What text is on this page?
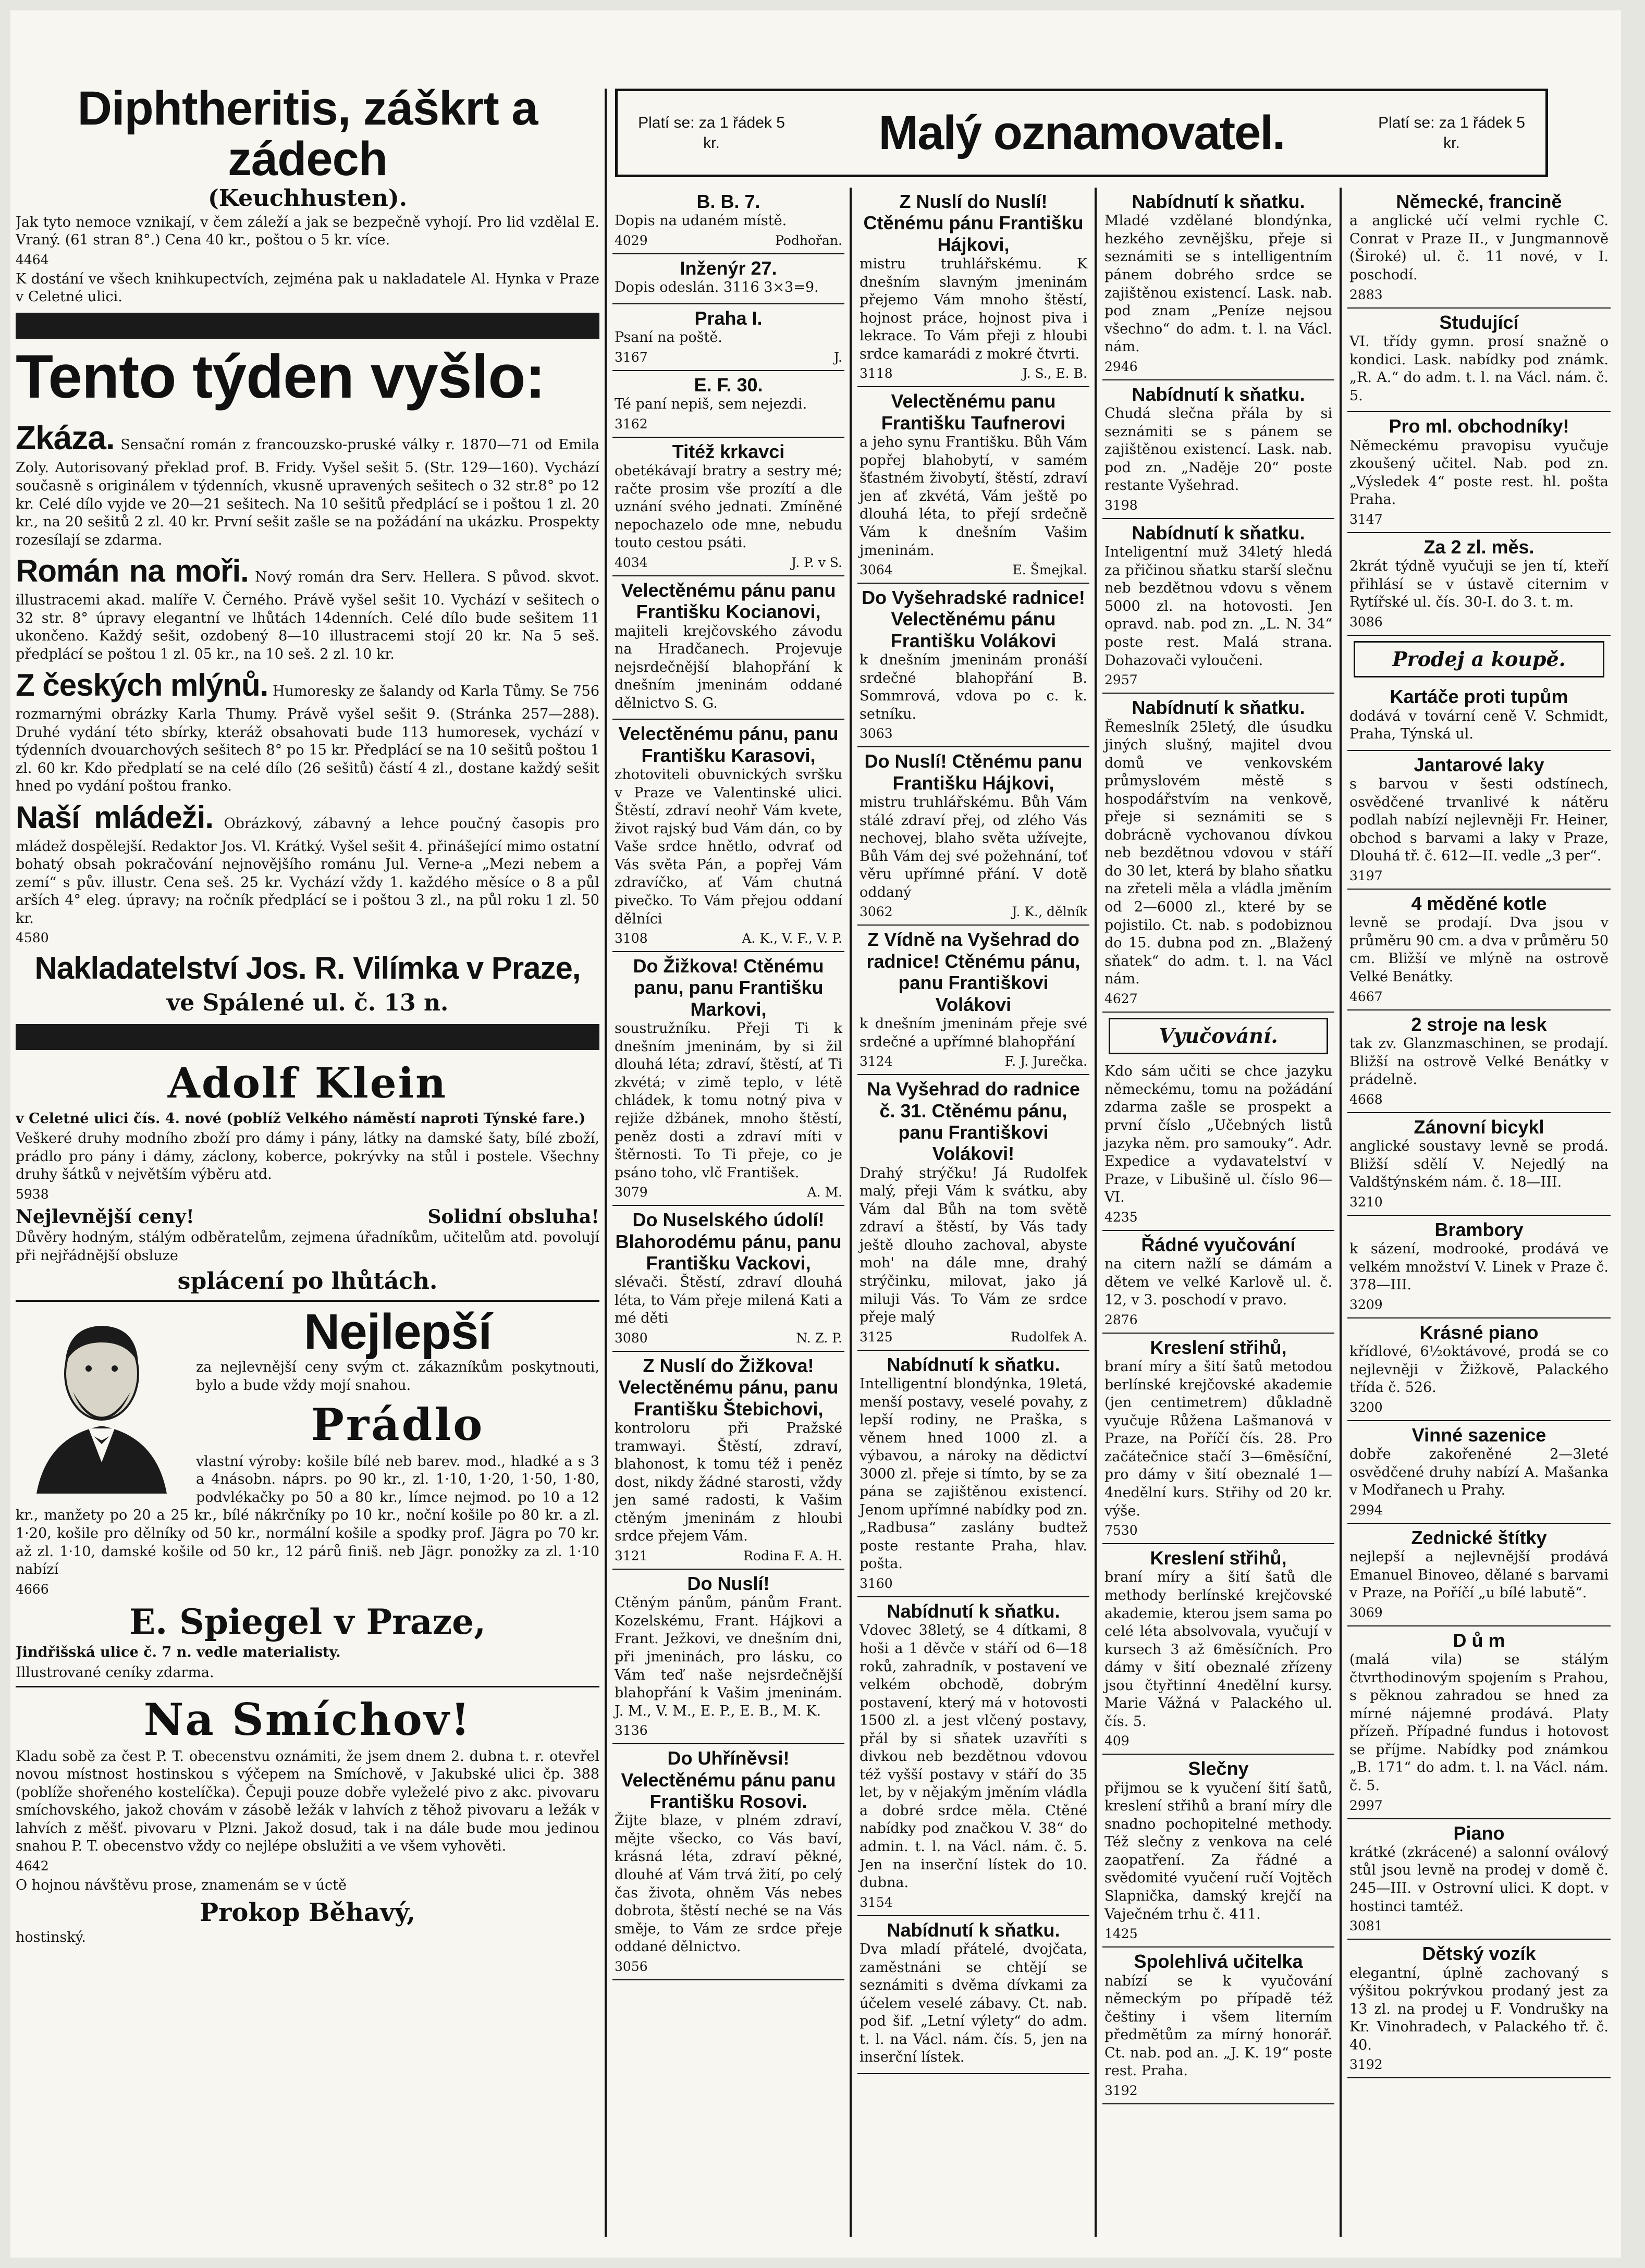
Diphtheritis, záškrt a zádech
(Keuchhusten).

Jak tyto nemoce vznikají, v čem záleží a jak se bezpečně vyhojí. Pro lid vzdělal E. Vraný. (61 stran 8°.) Cena 40 kr., poštou o 5 kr. více.

4464

K dostání ve všech knihkupectvích, zejména pak u nakladatele Al. Hynka v Praze v Celetné ulici.

Tento týden vyšlo:

Zkáza. Sensační román z francouzsko-pruské války r. 1870—71 od Emila Zoly. Autorisovaný překlad prof. B. Fridy. Vyšel sešit 5. (Str. 129—160). Vychází současně s originálem v týdenních, vkusně upravených sešitech o 32 str.8° po 12 kr. Celé dílo vyjde ve 20—21 sešitech. Na 10 sešitů předplácí se i poštou 1 zl. 20 kr., na 20 sešitů 2 zl. 40 kr. První sešit zašle se na požádání na ukázku. Prospekty rozesílají se zdarma.

Román na moři. Nový román dra Serv. Hellera. S původ. skvot. illustracemi akad. malíře V. Černého. Právě vyšel sešit 10. Vychází v sešitech o 32 str. 8° úpravy elegantní ve lhůtách 14denních. Celé dílo bude sešitem 11 ukončeno. Každý sešit, ozdobený 8—10 illustracemi stojí 20 kr. Na 5 seš. předplácí se poštou 1 zl. 05 kr., na 10 seš. 2 zl. 10 kr.

Z českých mlýnů. Humoresky ze šalandy od Karla Tůmy. Se 756 rozmarnými obrázky Karla Thumy. Právě vyšel sešit 9. (Stránka 257—288). Druhé vydání této sbírky, kteráž obsahovati bude 113 humoresek, vychází v týdenních dvouarchových sešitech 8° po 15 kr. Předplácí se na 10 sešitů poštou 1 zl. 60 kr. Kdo předplatí se na celé dílo (26 sešitů) částí 4 zl., dostane každý sešit hned po vydání poštou franko.

Naší mládeži. Obrázkový, zábavný a lehce poučný časopis pro mládež dospělejší. Redaktor Jos. Vl. Krátký. Vyšel sešit 4. přinášející mimo ostatní bohatý obsah pokračování nejnovějšího románu Jul. Verne-a „Mezi nebem a zemí“ s pův. illustr. Cena seš. 25 kr. Vychází vždy 1. každého měsíce o 8 a půl arších 4° eleg. úpravy; na ročník předplácí se i poštou 3 zl., na půl roku 1 zl. 50 kr.

4580

Nakladatelství Jos. R. Vilímka v Praze,
ve Spálené ul. č. 13 n.
Adolf Klein

v Celetné ulici čís. 4. nové (poblíž Velkého náměstí naproti Týnské fare.)

Veškeré druhy modního zboží pro dámy i pány, látky na damské šaty, bílé zboží, prádlo pro pány i dámy, záclony, koberce, pokrývky na stůl i postele. Všechny druhy šátků v největším výběru atd.

5938

Nejlevnější ceny!	Solidní obsluha!

Důvěry hodným, stálým odběratelům, zejmena úřadníkům, učitelům atd. povolují při nejřádnější obsluze

splácení po lhůtách.
Nejlepší

za nejlevnější ceny svým ct. zákazníkům poskytnouti, bylo a bude vždy mojí snahou.

Prádlo

vlastní výroby: košile bílé neb barev. mod., hladké a s 3 a 4násobn. náprs. po 90 kr., zl. 1·10, 1·20, 1·50, 1·80, podvlékačky po 50 a 80 kr., límce nejmod. po 10 a 12 kr., manžety po 20 a 25 kr., bílé nákrčníky po 10 kr., noční košile po 80 kr. a zl. 1·20, košile pro dělníky od 50 kr., normální košile a spodky prof. Jägra po 70 kr. až zl. 1·10, damské košile od 50 kr., 12 párů finiš. neb Jägr. ponožky za zl. 1·10 nabízí

4666

E. Spiegel v Praze,

Jindřišská ulice č. 7 n. vedle materialisty.

Illustrované ceníky zdarma.

Na Smíchov!

Kladu sobě za čest P. T. obecenstvu oznámiti, že jsem dnem 2. dubna t. r. otevřel novou místnost hostinskou s výčepem na Smíchově, v Jakubské ulici čp. 388 (poblíže shořeného kostelíčka). Čepuji pouze dobře vyleželé pivo z akc. pivovaru smíchovského, jakož chovám v zásobě ležák v lahvích z těhož pivovaru a ležák v lahvích z měšť. pivovaru v Plzni. Jakož dosud, tak i na dále bude mou jedinou snahou P. T. obecenstvo vždy co nejlépe obslužiti a ve všem vyhověti.

4642

O hojnou návštěvu prose, znamenám se v úctě

Prokop Běhavý,

hostinský.

Platí se: za 1 řádek 5 kr.	Malý oznamovatel.	Platí se: za 1 řádek 5 kr.
B. B. 7.

Dopis na udaném místě.

4029	Podhořan.
Inženýr 27.

Dopis odeslán. 3116 3×3=9.

Praha I.

Psaní na poště.

3167	J.
E. F. 30.

Té paní nepiš, sem nejezdi.

3162
Titéž krkavci

obetékávají bratry a sestry mé; račte prosim vše prozítí a dle uznání svého jednati. Zmíněné nepochazelo ode mne, nebudu touto cestou psáti.

4034	J. P. v S.
Velectěnému pánu panu Františku Kocianovi,

majiteli krejčovského závodu na Hradčanech. Projevuje nejsrdečnější blahopřání k dnešním jmeninám oddané dělnictvo S. G.

Velectěnému pánu, panu Františku Karasovi,

zhotoviteli obuvnických svršku v Praze ve Valentinské ulici. Štěstí, zdraví neohř Vám kvete, život rajský bud Vám dán, co by Vaše srdce hnětlo, odvrať od Vás světa Pán, a popřej Vám zdravíčko, ať Vám chutná pivečko. To Vám přejou oddaní dělníci

3108	A. K., V. F., V. P.
Do Žižkova! Ctěnému panu, panu Františku Markovi,

soustružníku. Přeji Ti k dnešním jmeninám, by si žil dlouhá léta; zdraví, štěstí, ať Ti zkvétá; v zimě teplo, v létě chládek, k tomu notný piva v rejiže džbánek, mnoho štěstí, peněz dosti a zdraví míti v štěrnosti. To Ti přeje, co je psáno toho, vlč František.

3079	A. M.
Do Nuselského údolí! Blahorodému pánu, panu Františku Vackovi,

slévači. Štěstí, zdraví dlouhá léta, to Vám přeje milená Kati a mé děti

3080	N. Z. P.
Z Nuslí do Žižkova! Velectěnému pánu, panu Františku Štebichovi,

kontroloru při Pražské tramwayi. Štěstí, zdraví, blahonost, k tomu též i peněz dost, nikdy žádné starosti, vždy jen samé radosti, k Vašim ctěným jmeninám z hloubi srdce přejem Vám.

3121	Rodina F. A. H.
Do Nuslí!

Ctěným pánům, pánům Frant. Kozelskému, Frant. Hájkovi a Frant. Ježkovi, ve dnešním dni, při jmeninách, pro lásku, co Vám teď naše nejsrdečnější blahopřání k Vašim jmeninám. J. M., V. M., E. P., E. B., M. K.

3136
Do Uhříněvsi! Velectěnému pánu panu Františku Rosovi.

Žijte blaze, v plném zdraví, mějte všecko, co Vás baví, krásná léta, zdraví pěkné, dlouhé ať Vám trvá žití, po celý čas života, ohněm Vás nebes dobrota, štěstí neché se na Vás směje, to Vám ze srdce přeje oddané dělnictvo.

3056
Z Nuslí do Nuslí! Ctěnému pánu Františku Hájkovi,

mistru truhlářskému. K dnešním slavným jmeninám přejemo Vám mnoho štěstí, hojnost práce, hojnost piva i lekrace. To Vám přeji z hloubi srdce kamarádi z mokré čtvrti.

3118	J. S., E. B.
Velectěnému panu Františku Taufnerovi

a jeho synu Františku. Bůh Vám popřej blahobytí, v samém šťastném živobytí, štěstí, zdraví jen ať zkvétá, Vám ještě po dlouhá léta, to přejí srdečně Vám k dnešním Vašim jmeninám.

3064	E. Šmejkal.
Do Vyšehradské radnice! Velectěnému pánu Františku Volákovi

k dnešním jmeninám pronáší srdečné blahopřání B. Sommrová, vdova po c. k. setníku.

3063
Do Nuslí! Ctěnému panu Františku Hájkovi,

mistru truhlářskému. Bůh Vám stálé zdraví přej, od zlého Vás nechovej, blaho světa užívejte, Bůh Vám dej své požehnání, toť věru upřímné přání. V dotě oddaný

3062	J. K., dělník
Z Vídně na Vyšehrad do radnice! Ctěnému pánu, panu Františkovi Volákovi

k dnešním jmeninám přeje své srdečné a upřímné blahopřání

3124	F. J. Jurečka.
Na Vyšehrad do radnice č. 31. Ctěnému pánu, panu Františkovi Volákovi!

Drahý strýčku! Já Rudolfek malý, přeji Vám k svátku, aby Vám dal Bůh na tom světě zdraví a štěstí, by Vás tady ještě dlouho zachoval, abyste moh' na dále mne, drahý strýčinku, milovat, jako já miluji Vás. To Vám ze srdce přeje malý

3125	Rudolfek A.
Nabídnutí k sňatku.

Intelligentní blondýnka, 19letá, menší postavy, veselé povahy, z lepší rodiny, ne Praška, s věnem hned 1000 zl. a výbavou, a nároky na dědictví 3000 zl. přeje si tímto, by se za pána se zajištěnou existencí. Jenom upřímné nabídky pod zn. „Radbusa“ zaslány budtež poste restante Praha, hlav. pošta.

3160
Nabídnutí k sňatku.

Vdovec 38letý, se 4 dítkami, 8 hoši a 1 děvče v stáří od 6—18 roků, zahradník, v postavení ve velkém obchodě, dobrým postavení, který má v hotovosti 1500 zl. a jest vlčený postavy, přál by si sňatek uzavříti s divkou neb bezdětnou vdovou též vyšší postavy v stáří do 35 let, by v nějakým jměním vládla a dobré srdce měla. Ctěné nabídky pod značkou V. 38“ do admin. t. l. na Václ. nám. č. 5. Jen na inserční lístek do 10. dubna.

3154
Nabídnutí k sňatku.

Dva mladí přátelé, dvojčata, zaměstnáni se chtějí se seznámiti s dvěma dívkami za účelem veselé zábavy. Ct. nab. pod šif. „Letní výlety“ do adm. t. l. na Václ. nám. čís. 5, jen na inserční lístek.

Nabídnutí k sňatku.

Mladé vzdělané blondýnka, hezkého zevnějšku, přeje si seznámiti se s intelligentním pánem dobrého srdce se zajištěnou existencí. Lask. nab. pod znam „Peníze nejsou všechno“ do adm. t. l. na Václ. nám.

2946
Nabídnutí k sňatku.

Chudá slečna přála by si seznámiti se s pánem se zajištěnou existencí. Lask. nab. pod zn. „Naděje 20“ poste restante Vyšehrad.

3198
Nabídnutí k sňatku.

Inteligentní muž 34letý hledá za přičinou sňatku starší slečnu neb bezdětnou vdovu s věnem 5000 zl. na hotovosti. Jen opravd. nab. pod zn. „L. N. 34“ poste rest. Malá strana. Dohazovači vyloučeni.

2957
Nabídnutí k sňatku.

Řemeslník 25letý, dle úsudku jiných slušný, majitel dvou domů ve venkovském průmyslovém městě s hospodářstvím na venkově, přeje si seznámiti se s dobrácně vychovanou dívkou neb bezdětnou vdovou v stáří do 30 let, která by blaho sňatku na zřeteli měla a vládla jměním od 2—6000 zl., které by se pojistilo. Ct. nab. s podobiznou do 15. dubna pod zn. „Blažený sňatek“ do adm. t. l. na Václ nám.

4627
Vyučování.

Kdo sám učiti se chce jazyku německému, tomu na požádání zdarma zašle se prospekt a první číslo „Učebných listů jazyka něm. pro samouky“. Adr. Expedice a vydavatelství v Praze, v Libušině ul. číslo 96—VI.

4235
Řádné vyučování

na citern nažlí se dámám a dětem ve velké Karlově ul. č. 12, v 3. poschodí v pravo.

2876
Kreslení střihů,

braní míry a šití šatů metodou berlínské krejčovské akademie (jen centimetrem) důkladně vyučuje Růžena Lašmanová v Praze, na Poříčí čís. 28. Pro začátečnice stačí 3—6měsíční, pro dámy v šití obeznalé 1—4nedělní kurs. Střihy od 20 kr. výše.

7530
Kreslení střihů,

braní míry a šití šatů dle methody berlínské krejčovské akademie, kterou jsem sama po celé léta absolvovala, vyučují v kursech 3 až 6měsíčních. Pro dámy v šití obeznalé zřízeny jsou čtyřtinní 4nedělní kursy. Marie Vážná v Palackého ul. čís. 5.

409
Slečny

přijmou se k vyučení šití šatů, kreslení střihů a braní míry dle snadno pochopitelné methody. Též slečny z venkova na celé zaopatření. Za řádné a svědomité vyučení ručí Vojtěch Slapnička, damský krejčí na Vaječném trhu č. 411.

1425
Spolehlivá učitelka

nabízí se k vyučování německým po případě též češtiny i všem literním předmětům za mírný honorář. Ct. nab. pod an. „J. K. 19“ poste rest. Praha.

3192
Německé, francině

a anglické učí velmi rychle C. Conrat v Praze II., v Jungmannově (Široké) ul. č. 11 nové, v I. poschodí.

2883
Studující

VI. třídy gymn. prosí snažně o kondici. Lask. nabídky pod známk. „R. A.“ do adm. t. l. na Václ. nám. č. 5.

Pro ml. obchodníky!

Německému pravopisu vyučuje zkoušený učitel. Nab. pod zn. „Výsledek 4“ poste rest. hl. pošta Praha.

3147
Za 2 zl. měs.

2krát týdně vyučuji se jen tí, kteří přihlásí se v ústavě citernim v Rytířské ul. čís. 30-I. do 3. t. m.

3086
Prodej a koupě.
Kartáče proti tupům

dodává v tovární ceně V. Schmidt, Praha, Týnská ul.

Jantarové laky

s barvou v šesti odstínech, osvědčené trvanlivé k nátěru podlah nabízí nejlevněji Fr. Heiner, obchod s barvami a laky v Praze, Dlouhá tř. č. 612—II. vedle „3 per“.

3197
4 měděné kotle

levně se prodají. Dva jsou v průměru 90 cm. a dva v průměru 50 cm. Bližší ve mlýně na ostrově Velké Benátky.

4667
2 stroje na lesk

tak zv. Glanzmaschinen, se prodají. Bližší na ostrově Velké Benátky v prádelně.

4668
Zánovní bicykl

anglické soustavy levně se prodá. Bližší sdělí V. Nejedlý na Valdštýnském nám. č. 18—III.

3210
Brambory

k sázení, modrooké, prodává ve velkém množství V. Linek v Praze č. 378—III.

3209
Krásné piano

křídlové, 6½oktávové, prodá se co nejlevněji v Žižkově, Palackého třída č. 526.

3200
Vinné sazenice

dobře zakořeněné 2—3leté osvědčené druhy nabízí A. Mašanka v Modřanech u Prahy.

2994
Zednické štítky

nejlepší a nejlevnější prodává Emanuel Binoveo, dělané s barvami v Praze, na Poříčí „u bílé labutě“.

3069
D ů m

(malá vila) se stálým čtvrthodinovým spojením s Prahou, s pěknou zahradou se hned za mírné nájemné prodává. Platy přízeň. Případné fundus i hotovost se příjme. Nabídky pod známkou „B. 171“ do adm. t. l. na Václ. nám. č. 5.

2997
Piano

krátké (zkrácené) a salonní oválový stůl jsou levně na prodej v domě č. 245—III. v Ostrovní ulici. K dopt. v hostinci tamtéž.

3081
Dětský vozík

elegantní, úplně zachovaný s výšitou pokrývkou prodaný jest za 13 zl. na prodej u F. Vondrušky na Kr. Vinohradech, v Palackého tř. č. 40.

3192
